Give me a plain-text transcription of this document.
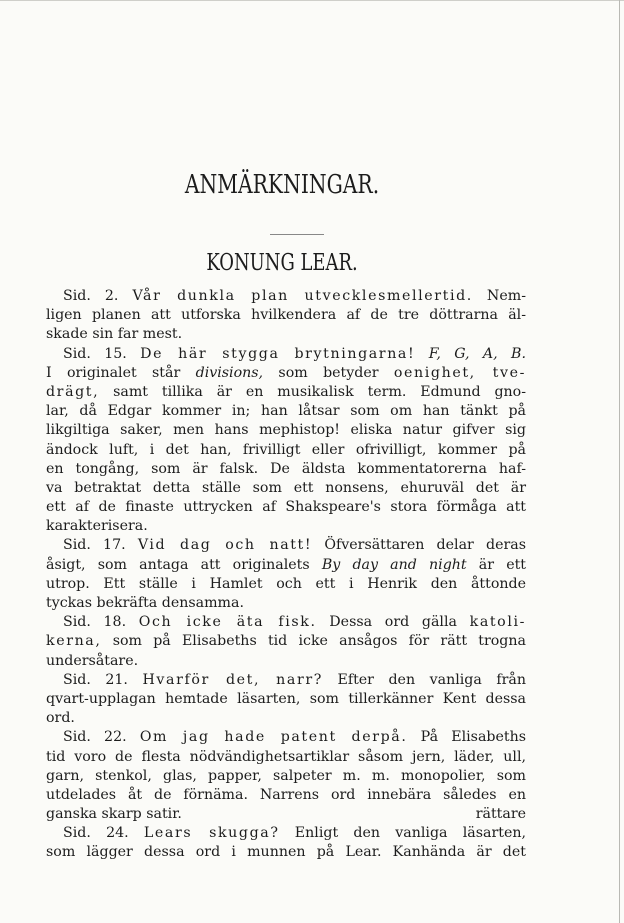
ANMÄRKNINGAR.
KONUNG LEAR.
Sid. 2. Vår dunkla plan utvecklesmellertid. Nem-
ligen planen att utforska hvilkendera af de tre döttrarna äl-
skade sin far mest.
Sid. 15. De här stygga brytningarna! F, G, A, B.
I originalet står divisions, som betyder oenighet, tve-
drägt, samt tillika är en musikalisk term. Edmund gno-
lar, då Edgar kommer in; han låtsar som om han tänkt på
likgiltiga saker, men hans mephistop! eliska natur gifver sig
ändock luft, i det han, frivilligt eller ofrivilligt, kommer på
en tongång, som är falsk. De äldsta kommentatorerna haf-
va betraktat detta ställe som ett nonsens, ehuruväl det är
ett af de finaste uttrycken af Shakspeare's stora förmåga att
karakterisera.
Sid. 17. Vid dag och natt! Öfversättaren delar deras
åsigt, som antaga att originalets By day and night är ett
utrop. Ett ställe i Hamlet och ett i Henrik den åttonde
tyckas bekräfta densamma.
Sid. 18. Och icke äta fisk. Dessa ord gälla katoli-
kerna, som på Elisabeths tid icke ansågos för rätt trogna
undersåtare.
Sid. 21. Hvarför det, narr? Efter den vanliga från
qvart-upplagan hemtade läsarten, som tillerkänner Kent dessa
ord.
Sid. 22. Om jag hade patent derpå. På Elisabeths
tid voro de flesta nödvändighetsartiklar såsom jern, läder, ull,
garn, stenkol, glas, papper, salpeter m. m. monopolier, som
utdelades åt de förnäma. Narrens ord innebära således en
ganska skarp satir.
Sid. 24. Lears skugga? Enligt den vanliga läsarten,
som lägger dessa ord i munnen på Lear. Kanhända är det
rättare
